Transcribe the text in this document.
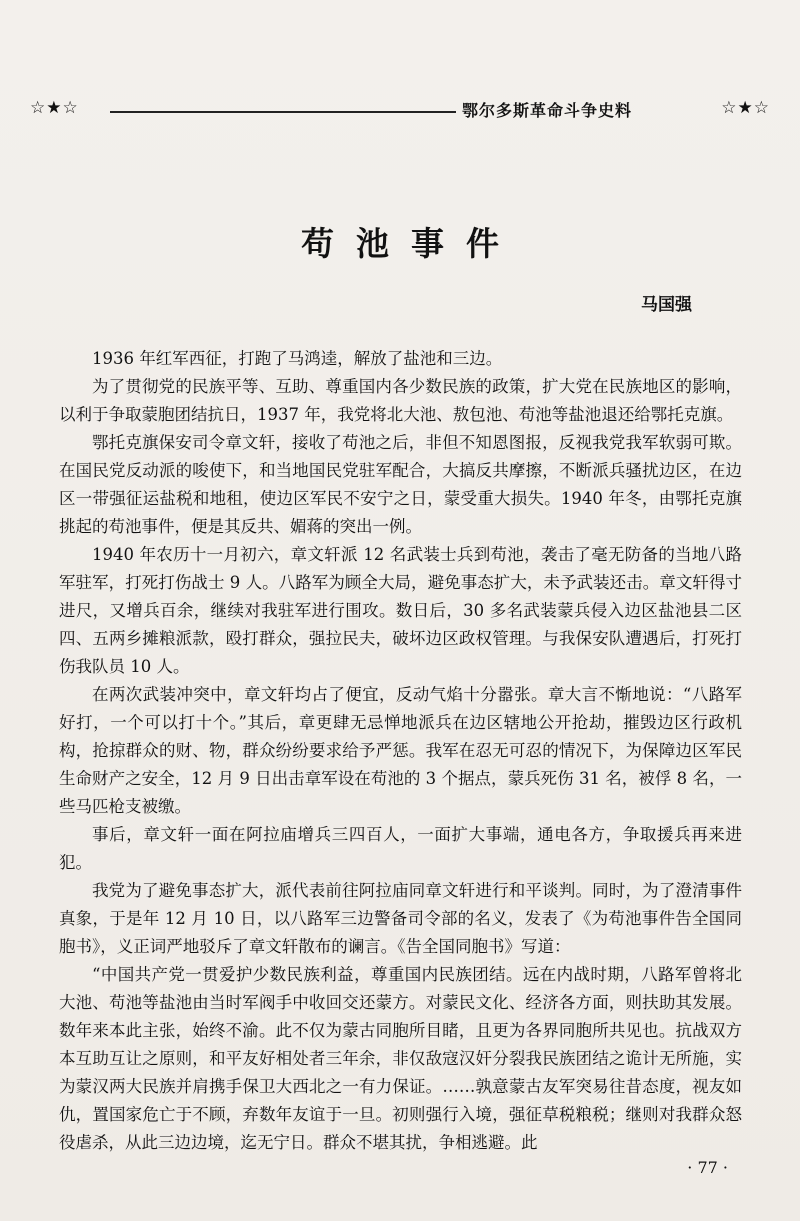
☆★☆	鄂尔多斯革命斗争史料	☆★☆
苟池事件
马国强

1936 年红军西征，打跑了马鸿逵，解放了盐池和三边。

为了贯彻党的民族平等、互助、尊重国内各少数民族的政策，扩大党在民族地区的影响，以利于争取蒙胞团结抗日，1937 年，我党将北大池、敖包池、苟池等盐池退还给鄂托克旗。

鄂托克旗保安司令章文轩，接收了苟池之后，非但不知恩图报，反视我党我军软弱可欺。在国民党反动派的唆使下，和当地国民党驻军配合，大搞反共摩擦，不断派兵骚扰边区，在边区一带强征运盐税和地租，使边区军民不安宁之日，蒙受重大损失。1940 年冬，由鄂托克旗挑起的苟池事件，便是其反共、媚蒋的突出一例。

1940 年农历十一月初六，章文轩派 12 名武装士兵到苟池，袭击了毫无防备的当地八路军驻军，打死打伤战士 9 人。八路军为顾全大局，避免事态扩大，未予武装还击。章文轩得寸进尺，又增兵百余，继续对我驻军进行围攻。数日后，30 多名武装蒙兵侵入边区盐池县二区四、五两乡摊粮派款，殴打群众，强拉民夫，破坏边区政权管理。与我保安队遭遇后，打死打伤我队员 10 人。

在两次武装冲突中，章文轩均占了便宜，反动气焰十分嚣张。章大言不惭地说：“八路军好打，一个可以打十个。”其后，章更肆无忌惮地派兵在边区辖地公开抢劫，摧毁边区行政机构，抢掠群众的财、物，群众纷纷要求给予严惩。我军在忍无可忍的情况下，为保障边区军民生命财产之安全，12 月 9 日出击章军设在苟池的 3 个据点，蒙兵死伤 31 名，被俘 8 名，一些马匹枪支被缴。

事后，章文轩一面在阿拉庙增兵三四百人，一面扩大事端，通电各方，争取援兵再来进犯。

我党为了避免事态扩大，派代表前往阿拉庙同章文轩进行和平谈判。同时，为了澄清事件真象，于是年 12 月 10 日，以八路军三边警备司令部的名义，发表了《为苟池事件告全国同胞书》，义正词严地驳斥了章文轩散布的谰言。《告全国同胞书》写道：

“中国共产党一贯爱护少数民族利益，尊重国内民族团结。远在内战时期，八路军曾将北大池、苟池等盐池由当时军阀手中收回交还蒙方。对蒙民文化、经济各方面，则扶助其发展。数年来本此主张，始终不渝。此不仅为蒙古同胞所目睹，且更为各界同胞所共见也。抗战双方本互助互让之原则，和平友好相处者三年余，非仅敌寇汉奸分裂我民族团结之诡计无所施，实为蒙汉两大民族并肩携手保卫大西北之一有力保证。……孰意蒙古友军突易往昔态度，视友如仇，置国家危亡于不顾，弃数年友谊于一旦。初则强行入境，强征草税粮税；继则对我群众怒役虐杀，从此三边边境，迄无宁日。群众不堪其扰，争相逃避。此

· 77 ·
